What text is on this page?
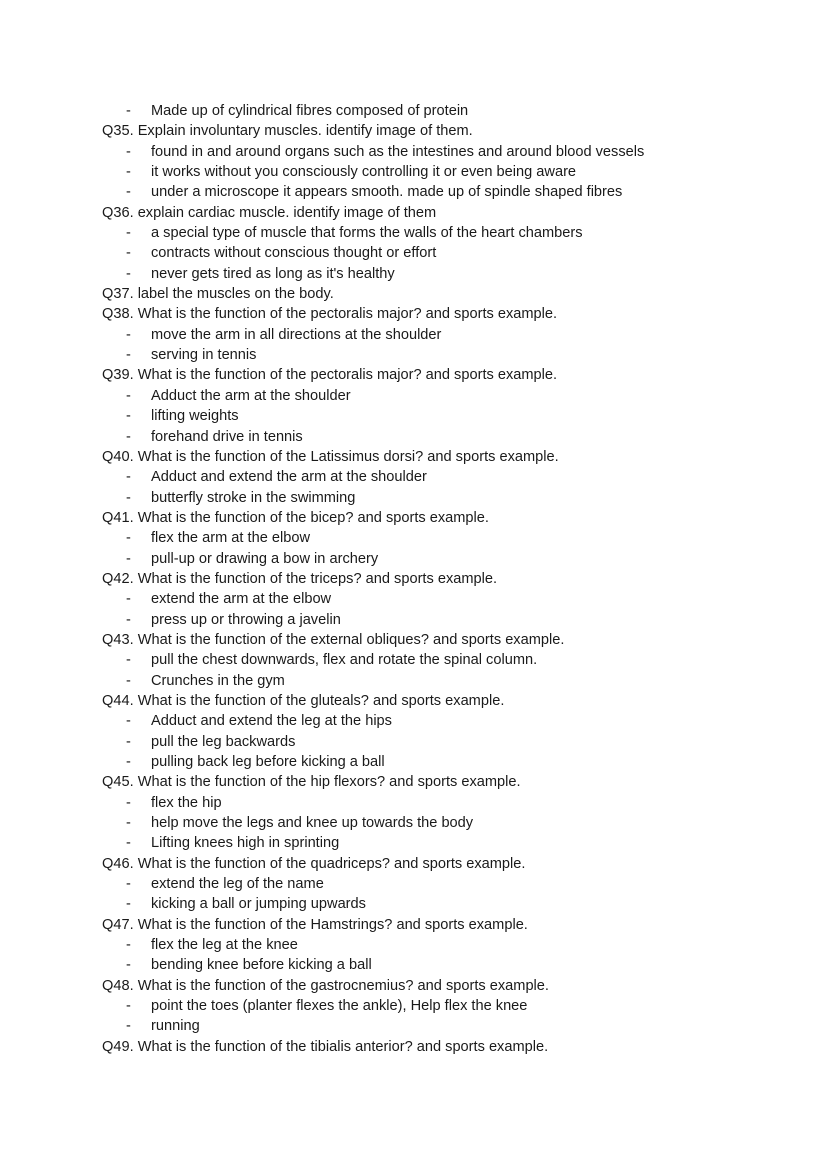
- Made up of cylindrical fibres composed of protein
Q35. Explain involuntary muscles. identify image of them.
- found in and around organs such as the intestines and around blood vessels
- it works without you consciously controlling it or even being aware
- under a microscope it appears smooth. made up of spindle shaped fibres
Q36. explain cardiac muscle. identify image of them
- a special type of muscle that forms the walls of the heart chambers
- contracts without conscious thought or effort
- never gets tired as long as it's healthy
Q37. label the muscles on the body.
Q38. What is the function of the pectoralis major? and sports example.
- move the arm in all directions at the shoulder
- serving in tennis
Q39. What is the function of the pectoralis major? and sports example.
- Adduct the arm at the shoulder
- lifting weights
- forehand drive in tennis
Q40. What is the function of the Latissimus dorsi? and sports example.
- Adduct and extend the arm at the shoulder
- butterfly stroke in the swimming
Q41. What is the function of the bicep? and sports example.
- flex the arm at the elbow
- pull-up or drawing a bow in archery
Q42. What is the function of the triceps? and sports example.
- extend the arm at the elbow
- press up or throwing a javelin
Q43. What is the function of the external obliques? and sports example.
- pull the chest downwards, flex and rotate the spinal column.
- Crunches in the gym
Q44. What is the function of the gluteals? and sports example.
- Adduct and extend the leg at the hips
- pull the leg backwards
- pulling back leg before kicking a ball
Q45. What is the function of the hip flexors? and sports example.
- flex the hip
- help move the legs and knee up towards the body
- Lifting knees high in sprinting
Q46. What is the function of the quadriceps? and sports example.
- extend the leg of the name
- kicking a ball or jumping upwards
Q47. What is the function of the Hamstrings? and sports example.
- flex the leg at the knee
- bending knee before kicking a ball
Q48. What is the function of the gastrocnemius? and sports example.
- point the toes (planter flexes the ankle), Help flex the knee
- running
Q49. What is the function of the tibialis anterior? and sports example.
